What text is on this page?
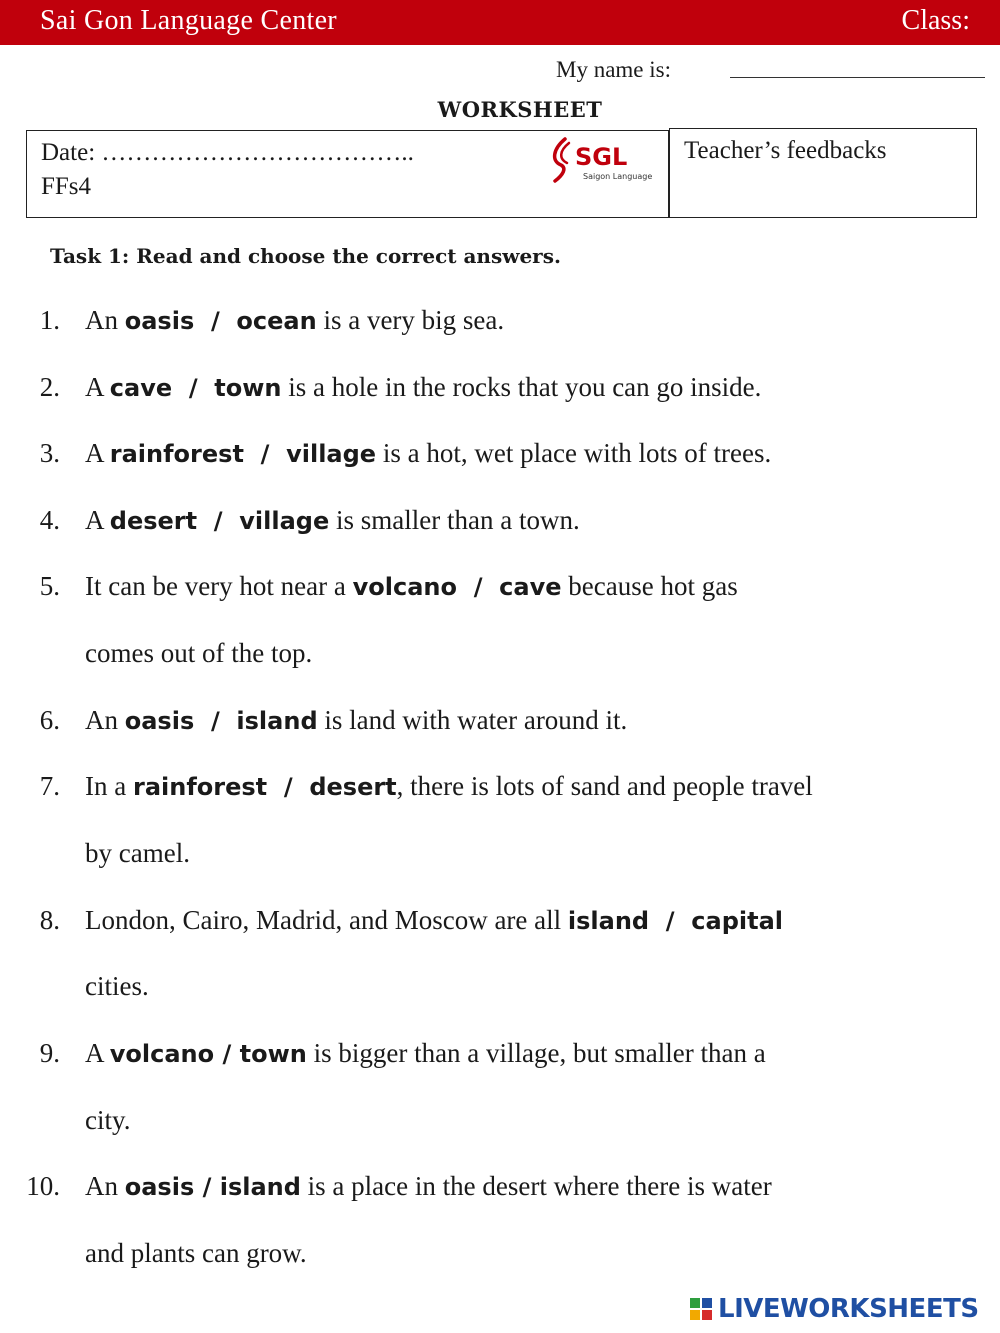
Sai Gon Language Center	Class:
My name is:
WORKSHEET
Date: ………………………………..
FFs4
SGL
Saigon Language
Teacher’s feedbacks
Task 1: Read and choose the correct answers.
1. An oasis  /  ocean is a very big sea.
2. A cave  /  town is a hole in the rocks that you can go inside.
3. A rainforest  /  village is a hot, wet place with lots of trees.
4. A desert  /  village is smaller than a town.
5. It can be very hot near a volcano  /  cave because hot gas
comes out of the top.
6. An oasis  /  island is land with water around it.
7. In a rainforest  /  desert, there is lots of sand and people travel
by camel.
8. London, Cairo, Madrid, and Moscow are all island  /  capital
cities.
9. A volcano / town is bigger than a village, but smaller than a
city.
10. An oasis / island is a place in the desert where there is water
and plants can grow.
LIVEWORKSHEETS
